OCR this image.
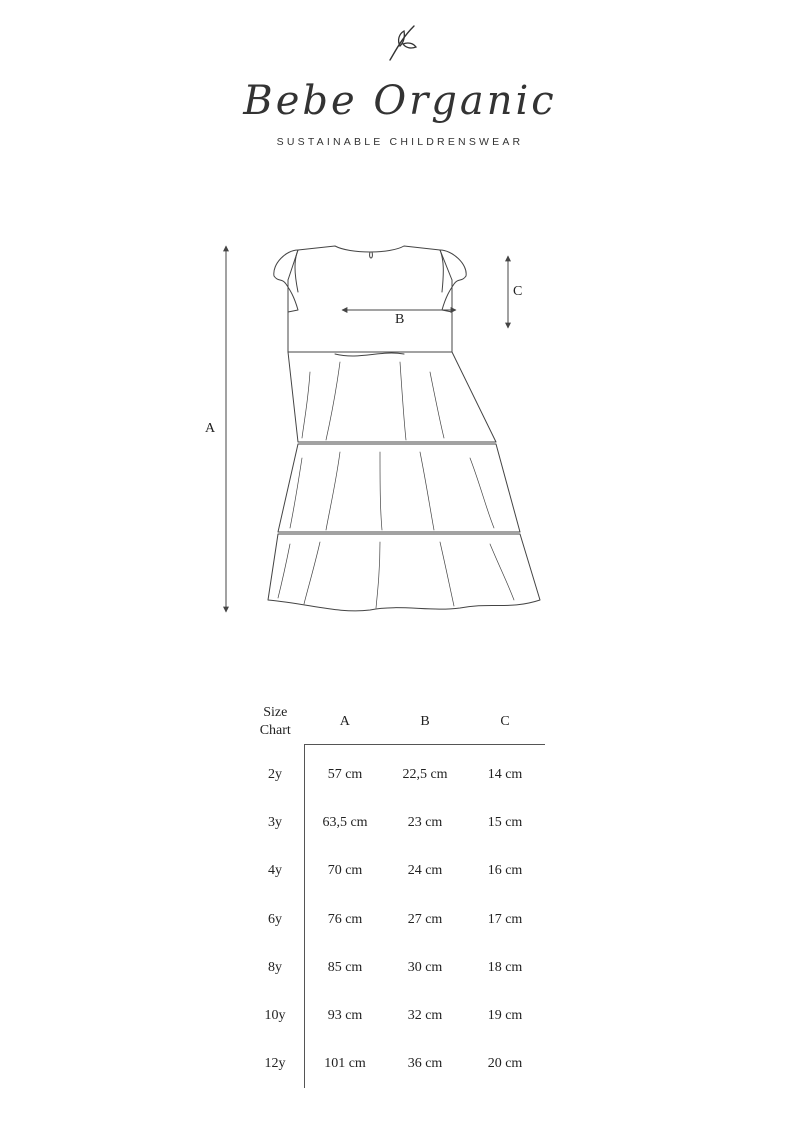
Bebe Organic
SUSTAINABLE CHILDRENSWEAR
A
B
C
Size
Chart	A	B	C
2y	57 cm	22,5 cm	14 cm
3y	63,5 cm	23 cm	15 cm
4y	70 cm	24 cm	16 cm
6y	76 cm	27 cm	17 cm
8y	85 cm	30 cm	18 cm
10y	93 cm	32 cm	19 cm
12y	101 cm	36 cm	20 cm
